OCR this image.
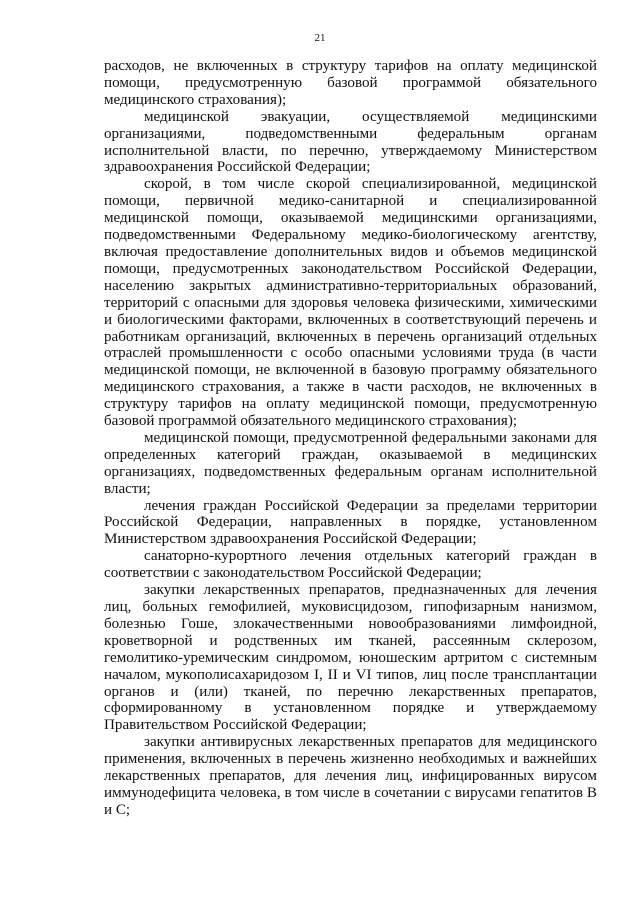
21

расходов, не включенных в структуру тарифов на оплату медицинской помощи, предусмотренную базовой программой обязательного медицинского страхования);

медицинской эвакуации, осуществляемой медицинскими организациями, подведомственными федеральным органам исполнительной власти, по перечню, утверждаемому Министерством здравоохранения Российской Федерации;

скорой, в том числе скорой специализированной, медицинской помощи, первичной медико-санитарной и специализированной медицинской помощи, оказываемой медицинскими организациями, подведомственными Федеральному медико-биологическому агентству, включая предоставление дополнительных видов и объемов медицинской помощи, предусмотренных законодательством Российской Федерации, населению закрытых административно-территориальных образований, территорий с опасными для здоровья человека физическими, химическими и биологическими факторами, включенных в соответствующий перечень и работникам организаций, включенных в перечень организаций отдельных отраслей промышленности с особо опасными условиями труда (в части медицинской помощи, не включенной в базовую программу обязательного медицинского страхования, а также в части расходов, не включенных в структуру тарифов на оплату медицинской помощи, предусмотренную базовой программой обязательного медицинского страхования);

медицинской помощи, предусмотренной федеральными законами для определенных категорий граждан, оказываемой в медицинских организациях, подведомственных федеральным органам исполнительной власти;

лечения граждан Российской Федерации за пределами территории Российской Федерации, направленных в порядке, установленном Министерством здравоохранения Российской Федерации;

санаторно-курортного лечения отдельных категорий граждан в соответствии с законодательством Российской Федерации;

закупки лекарственных препаратов, предназначенных для лечения лиц, больных гемофилией, муковисцидозом, гипофизарным нанизмом, болезнью Гоше, злокачественными новообразованиями лимфоидной, кроветворной и родственных им тканей, рассеянным склерозом, гемолитико-уремическим синдромом, юношеским артритом с системным началом, мукополисахаридозом I, II и VI типов, лиц после трансплантации органов и (или) тканей, по перечню лекарственных препаратов, сформированному в установленном порядке и утверждаемому Правительством Российской Федерации;

закупки антивирусных лекарственных препаратов для медицинского применения, включенных в перечень жизненно необходимых и важнейших лекарственных препаратов, для лечения лиц, инфицированных вирусом иммунодефицита человека, в том числе в сочетании с вирусами гепатитов B и C;
